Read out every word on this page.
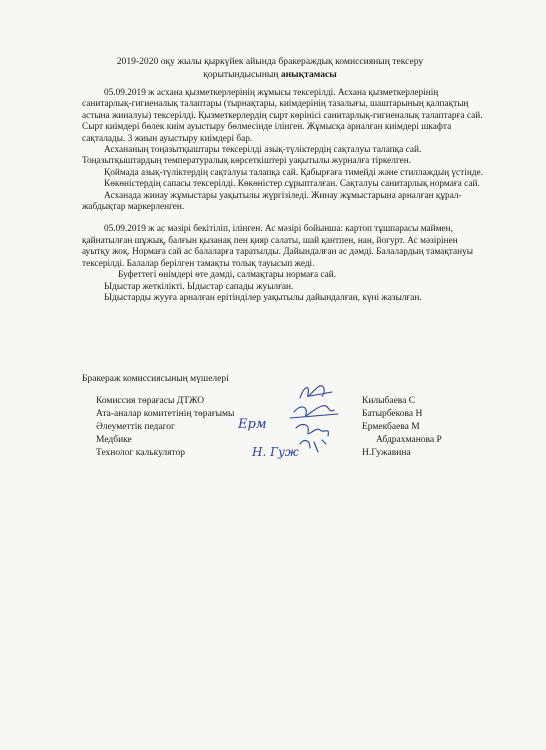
2019-2020 оқу жылы қыркүйек айында бракераждық комиссияның тексеру
қорытындысының анықтамасы

05.09.2019 ж асхана қызметкерлерінің жұмысы тексерілді. Асхана қызметкерлерінің санитарлық-гигиеналық талаптары (тырнақтары, киімдерінің тазалығы, шаштарының қалпақтың астына жиналуы) тексерілді. Қызметкерлердің сырт көрінісі санитарлық-гигиеналық талаптарға сай. Сырт киімдері бөлек киім ауыстыру бөлмесінде ілінген. Жұмысқа арналған киімдері шкафта сақталады. 3 жиын ауыстыру киімдері бар.

Асхананың тоңазытқыштары тексерілді азық-түліктердің сақталуы талапқа сай. Тоңазытқыштардың температуралық көрсеткіштері уақытылы журналға тіркелген.

Қоймада азық-түліктердің сақталуы талапқа сай. Қабырғаға тимейді және стиллаждың үстінде.

Көкөністердің сапасы тексерілді. Көкөністер сұрыпталған. Сақталуы санитарлық нормаға сай.

Асханада жинау жұмыстары уақытылы жүргізіледі. Жинау жұмыстарына арналған құрал-жабдықтар маркерленген.

05.09.2019 ж ас мәзірі бекітіліп, ілінген. Ас мәзірі бойынша: картоп тұшпарасы маймен, қайнатылған шұжық, балғын қызанақ пен қияр салаты, шай қантпен, нан, йогурт. Ас мәзірінен ауытқу жоқ. Нормаға сай ас балаларға таратылды. Дайындалған ас дәмді. Балалардың тамақтануы тексерілді. Балалар берілген тамақты толық тауысып жеді.

Буфеттегі өнімдері өте дәмді, салмақтары нормаға сай.

Ыдыстар жеткілікті. Ыдыстар сапады жуылған.

Ыдыстарды жууға арналған ерітінділер уақытылы дайындалған, күні жазылған.

Бракераж комиссиясының мүшелері
Комиссия төрағасы ДТЖО	Килыбаева С
Ата-аналар комитетінің төрағымы	Батырбекова Н
Әлеуметтік педагог	Ермекбаева М
Медбике	Абдрахманова Р
Технолог калькулятор	Н.Гужавина
Ерм
Н. Гуж
